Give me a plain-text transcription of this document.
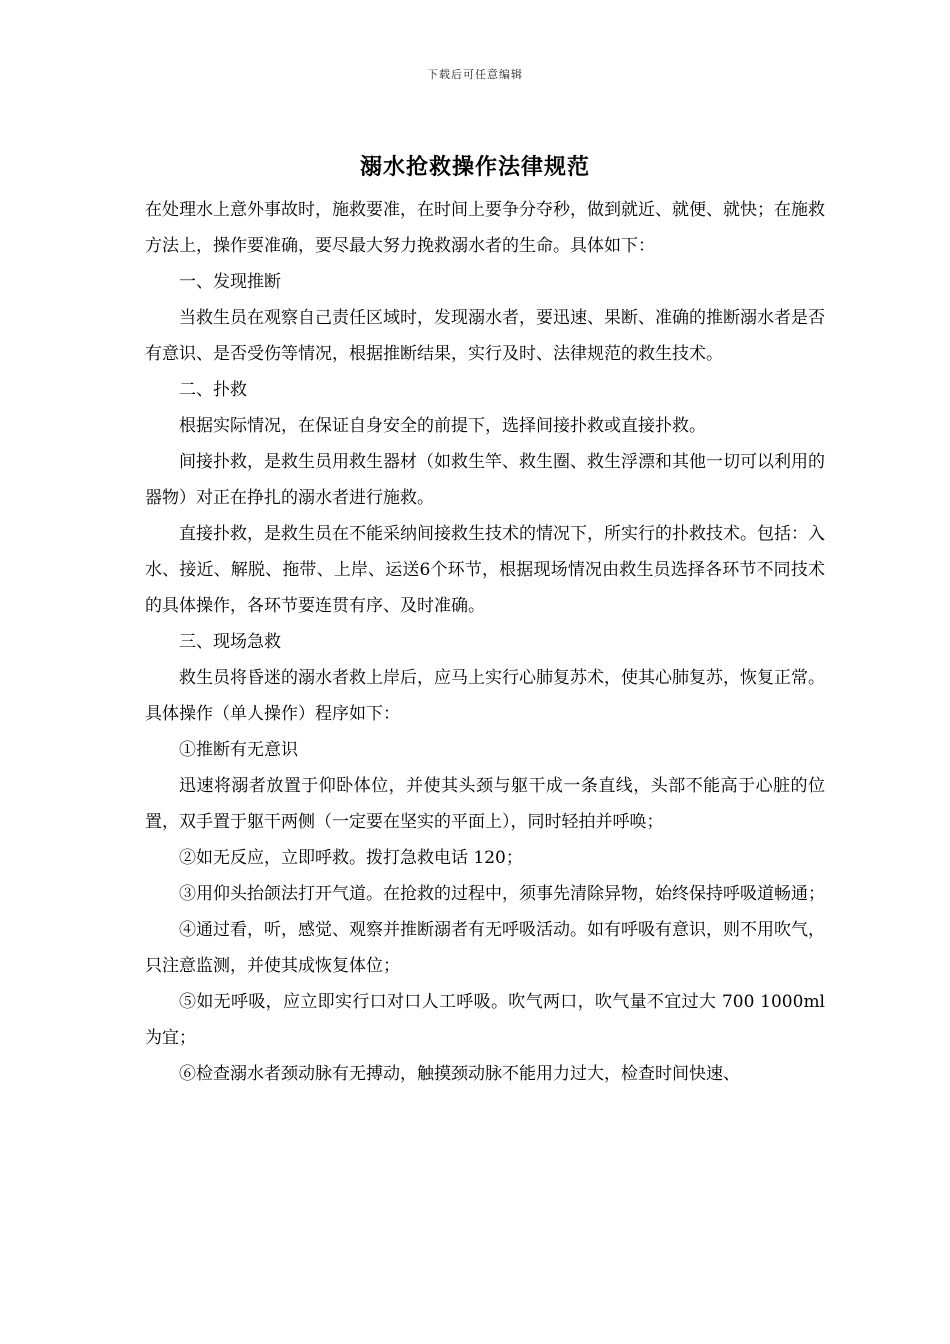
下载后可任意编辑
溺水抢救操作法律规范

在处理水上意外事故时，施救要准，在时间上要争分夺秒，做到就近、就便、就快；在施救方法上，操作要准确，要尽最大努力挽救溺水者的生命。具体如下：

一、发现推断

当救生员在观察自己责任区域时，发现溺水者，要迅速、果断、准确的推断溺水者是否有意识、是否受伤等情况，根据推断结果，实行及时、法律规范的救生技术。

二、扑救

根据实际情况，在保证自身安全的前提下，选择间接扑救或直接扑救。

间接扑救，是救生员用救生器材（如救生竿、救生圈、救生浮漂和其他一切可以利用的器物）对正在挣扎的溺水者进行施救。

直接扑救，是救生员在不能采纳间接救生技术的情况下，所实行的扑救技术。包括：入水、接近、解脱、拖带、上岸、运送6个环节，根据现场情况由救生员选择各环节不同技术的具体操作，各环节要连贯有序、及时准确。

三、现场急救

救生员将昏迷的溺水者救上岸后，应马上实行心肺复苏术，使其心肺复苏，恢复正常。具体操作（单人操作）程序如下：

①推断有无意识

迅速将溺者放置于仰卧体位，并使其头颈与躯干成一条直线，头部不能高于心脏的位置，双手置于躯干两侧（一定要在坚实的平面上），同时轻拍并呼唤；

②如无反应，立即呼救。拨打急救电话 120；

③用仰头抬颌法打开气道。在抢救的过程中，须事先清除异物，始终保持呼吸道畅通；

④通过看，听，感觉、观察并推断溺者有无呼吸活动。如有呼吸有意识，则不用吹气，只注意监测，并使其成恢复体位；

⑤如无呼吸，应立即实行口对口人工呼吸。吹气两口，吹气量不宜过大 700 1000ml 为宜；

⑥检查溺水者颈动脉有无搏动，触摸颈动脉不能用力过大，检查时间快速、
